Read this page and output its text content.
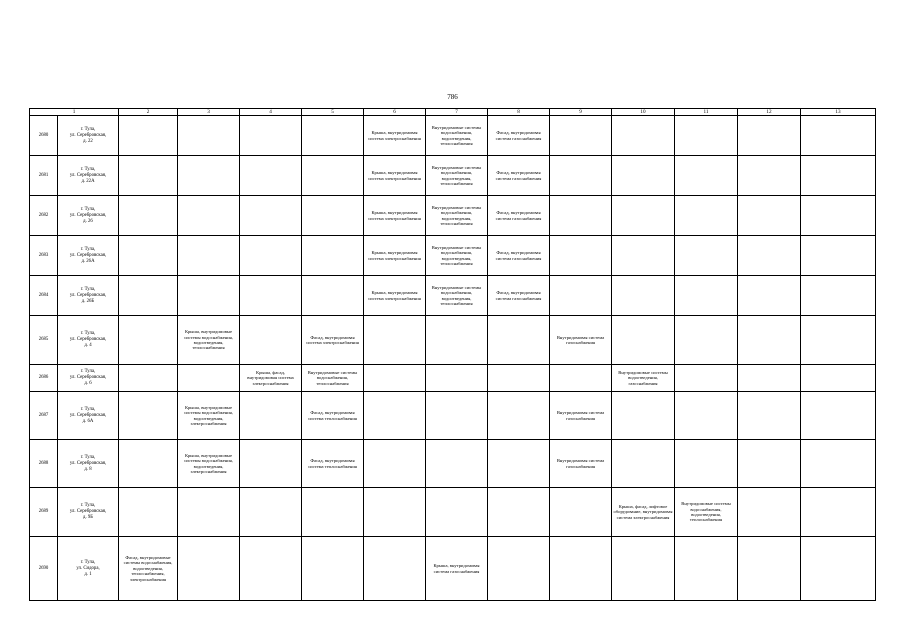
786
1		2	3	4	5	6	7	8	9	10	11	12	13
2680	г. Тула,
ул. Серебровская,
д. 22					Крыша, внутридомовая система электроснабжения	Внутридомовые системы водоснабжения, водоотведения, теплоснабжения	Фасад, внутридомовая система газоснабжения					
2681	г. Тула,
ул. Серебровская,
д. 22А					Крыша, внутридомовая система электроснабжения	Внутридомовые системы водоснабжения, водоотведения, теплоснабжения	Фасад, внутридомовая система газоснабжения					
2682	г. Тула,
ул. Серебровская,
д. 26					Крыша, внутридомовая система электроснабжения	Внутридомовые системы водоснабжения, водоотведения, теплоснабжения	Фасад, внутридомовая система газоснабжения					
2683	г. Тула,
ул. Серебровская,
д. 26А					Крыша, внутридомовая система электроснабжения	Внутридомовые системы водоснабжения, водоотведения, теплоснабжения	Фасад, внутридомовая система газоснабжения					
2684	г. Тула,
ул. Серебровская,
д. 26Б					Крыша, внутридомовая система электроснабжения	Внутридомовые системы водоснабжения, водоотведения, теплоснабжения	Фасад, внутридомовая система газоснабжения					
2685	г. Тула,
ул. Серебровская,
д. 4		Крыша, внутридомовые системы водоснабжения, водоотведения, теплоснабжения		Фасад, внутридомовая система электроснабжения				Внутридомовая система газоснабжения				
2686	г. Тула,
ул. Серебровская,
д. 6			Крыша, фасад, внутридомовая система электроснабжения	Внутридомовые системы водоснабжения, теплоснабжения					Внутридомовые системы водоотведения, газоснабжения			
2687	г. Тула,
ул. Серебровская,
д. 6А		Крыша, внутридомовые системы водоснабжения, водоотведения, электроснабжения		Фасад, внутридомовая система теплоснабжения				Внутридомовая система газоснабжения				
2688	г. Тула,
ул. Серебровская,
д. 8		Крыша, внутридомовые системы водоснабжения, водоотведения, электроснабжения		Фасад, внутридомовая система теплоснабжения				Внутридомовая система газоснабжения				
2689	г. Тула,
ул. Серебровская,
д. 9Б									Крыша, фасад, лифтовое оборудование, внутридомовая система электроснабжения	Внутридомовые системы водоснабжения, водоотведения, теплоснабжения		
2690	г. Тула,
ул. Сидора,
д. 1	Фасад, внутридомовые системы водоснабжения, водоотведения, теплоснабжения, электроснабжения					Крыша, внутридомовая система газоснабжения						
